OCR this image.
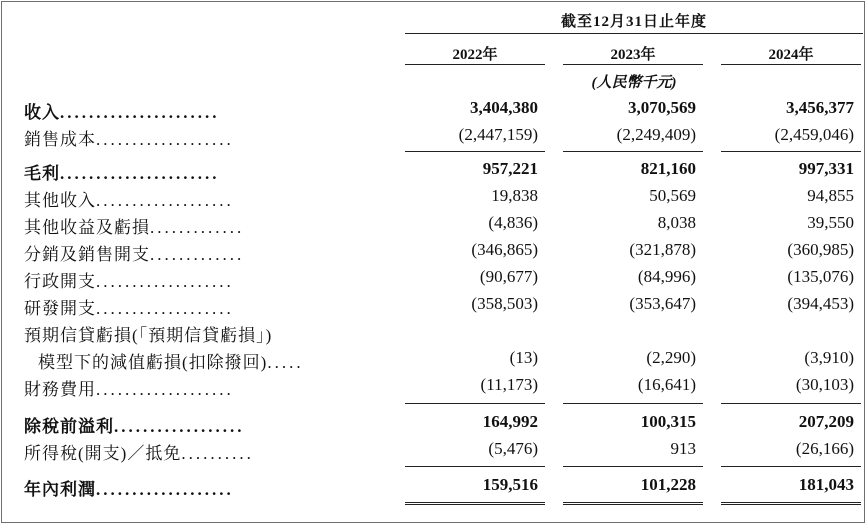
截至12月31日止年度
2022年	2023年	2024年
(人民幣千元)
收入......................	3,404,380	3,070,569	3,456,377
銷售成本...................	(2,447,159)	(2,249,409)	(2,459,046)
毛利......................	957,221	821,160	997,331
其他收入...................	19,838	50,569	94,855
其他收益及虧損.............	(4,836)	8,038	39,550
分銷及銷售開支.............	(346,865)	(321,878)	(360,985)
行政開支...................	(90,677)	(84,996)	(135,076)
研發開支...................	(358,503)	(353,647)	(394,453)
預期信貸虧損(「預期信貸虧損」)
模型下的減值虧損(扣除撥回).....	(13)	(2,290)	(3,910)
財務費用...................	(11,173)	(16,641)	(30,103)
除稅前溢利..................	164,992	100,315	207,209
所得稅(開支)／抵免..........	(5,476)	913	(26,166)
年內利潤...................	159,516	101,228	181,043
